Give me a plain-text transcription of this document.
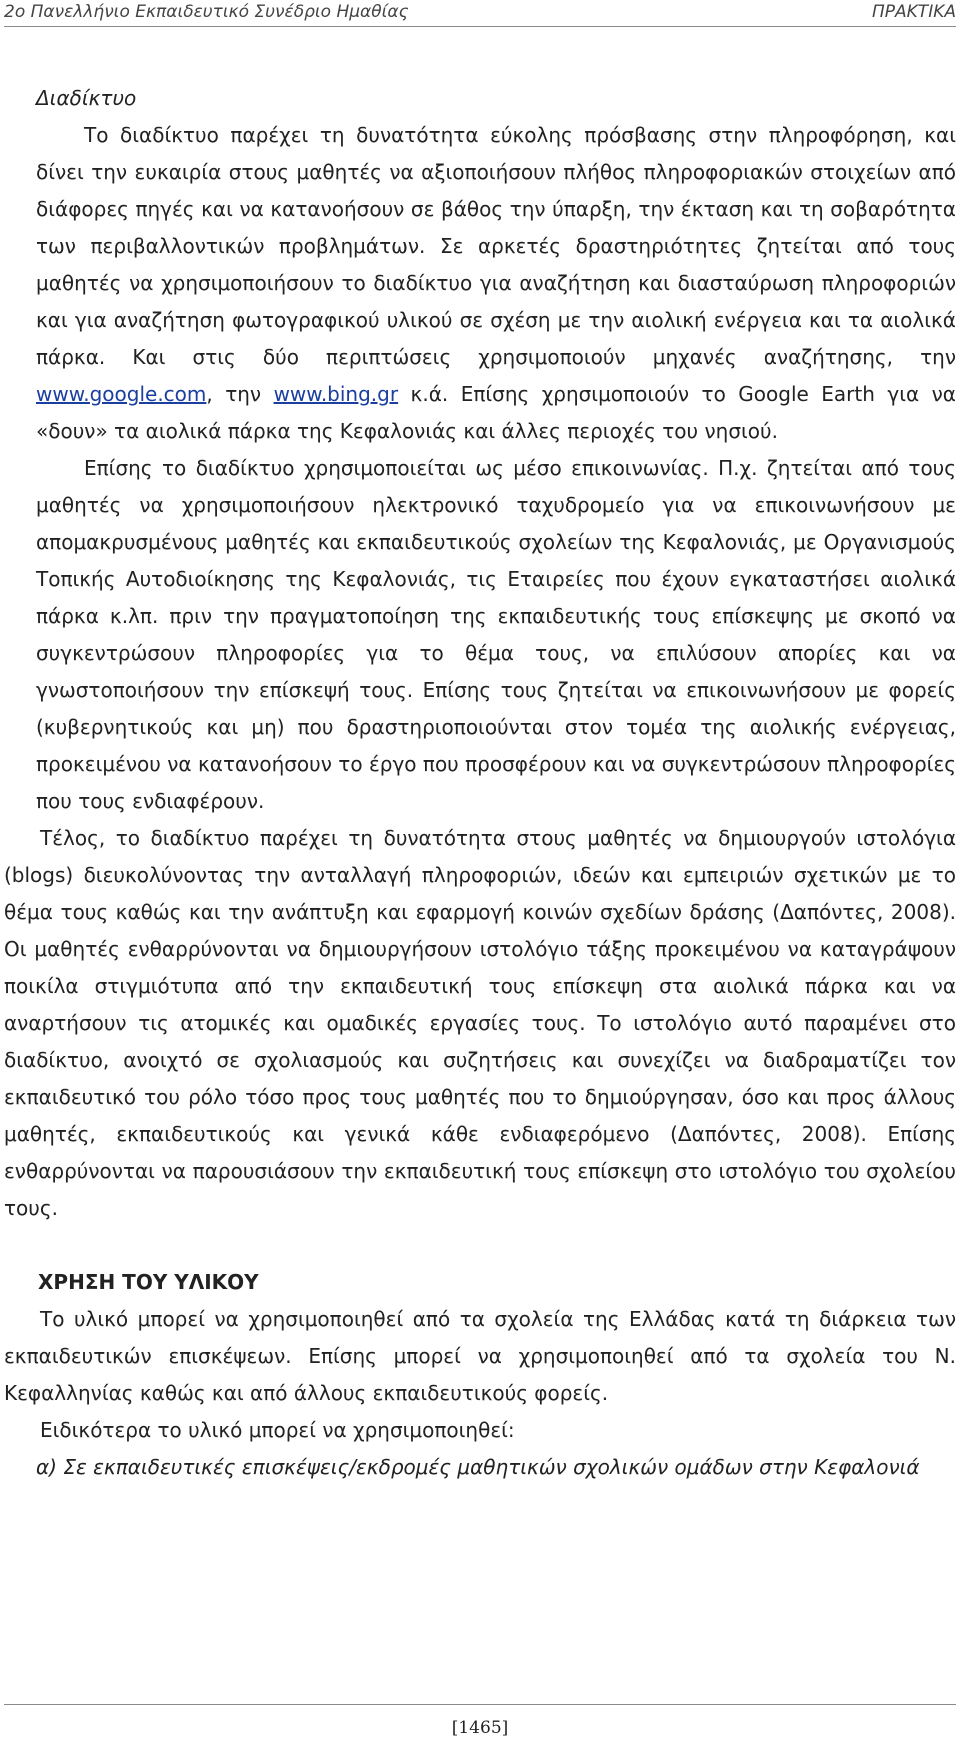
2ο Πανελλήνιο Εκπαιδευτικό Συνέδριο Ημαθίας	ΠΡΑΚΤΙΚΑ

Διαδίκτυο

Το διαδίκτυο παρέχει τη δυνατότητα εύκολης πρόσβασης στην πληροφόρηση, και δίνει την ευκαιρία στους μαθητές να αξιοποιήσουν πλήθος πληροφοριακών στοιχείων από διάφορες πηγές και να κατανοήσουν σε βάθος την ύπαρξη, την έκταση και τη σοβαρότητα των περιβαλλοντικών προβλημάτων. Σε αρκετές δραστηριότητες ζητείται από τους μαθητές να χρησιμοποιήσουν το διαδίκτυο για αναζήτηση και διασταύρωση πληροφοριών και για αναζήτηση φωτογραφικού υλικού σε σχέση με την αιολική ενέργεια και τα αιολικά πάρκα. Και στις δύο περιπτώσεις χρησιμοποιούν μηχανές αναζήτησης, την www.google.com, την www.bing.gr κ.ά. Επίσης χρησιμοποιούν το Google Earth για να «δουν» τα αιολικά πάρκα της Κεφαλονιάς και άλλες περιοχές του νησιού.

Επίσης το διαδίκτυο χρησιμοποιείται ως μέσο επικοινωνίας. Π.χ. ζητείται από τους μαθητές να χρησιμοποιήσουν ηλεκτρονικό ταχυδρομείο για να επικοινωνήσουν με απομακρυσμένους μαθητές και εκπαιδευτικούς σχολείων της Κεφαλονιάς, με Οργανισμούς Τοπικής Αυτοδιοίκησης της Κεφαλονιάς, τις Εταιρείες που έχουν εγκαταστήσει αιολικά πάρκα κ.λπ. πριν την πραγματοποίηση της εκπαιδευτικής τους επίσκεψης με σκοπό να συγκεντρώσουν πληροφορίες για το θέμα τους, να επιλύσουν απορίες και να γνωστοποιήσουν την επίσκεψή τους. Επίσης τους ζητείται να επικοινωνήσουν με φορείς (κυβερνητικούς και μη) που δραστηριοποιούνται στον τομέα της αιολικής ενέργειας, προκειμένου να κατανοήσουν το έργο που προσφέρουν και να συγκεντρώσουν πληροφορίες που τους ενδιαφέρουν.

Τέλος, το διαδίκτυο παρέχει τη δυνατότητα στους μαθητές να δημιουργούν ιστολόγια (blogs) διευκολύνοντας την ανταλλαγή πληροφοριών, ιδεών και εμπειριών σχετικών με το θέμα τους καθώς και την ανάπτυξη και εφαρμογή κοινών σχεδίων δράσης (Δαπόντες, 2008). Οι μαθητές ενθαρρύνονται να δημιουργήσουν ιστολόγιο τάξης προκειμένου να καταγράψουν ποικίλα στιγμιότυπα από την εκπαιδευτική τους επίσκεψη στα αιολικά πάρκα και να αναρτήσουν τις ατομικές και ομαδικές εργασίες τους. Το ιστολόγιο αυτό παραμένει στο διαδίκτυο, ανοιχτό σε σχολιασμούς και συζητήσεις και συνεχίζει να διαδραματίζει τον εκπαιδευτικό του ρόλο τόσο προς τους μαθητές που το δημιούργησαν, όσο και προς άλλους μαθητές, εκπαιδευτικούς και γενικά κάθε ενδιαφερόμενο (Δαπόντες, 2008). Επίσης ενθαρρύνονται να παρουσιάσουν την εκπαιδευτική τους επίσκεψη στο ιστολόγιο του σχολείου τους.

ΧΡΗΣΗ ΤΟΥ ΥΛΙΚΟΥ

Το υλικό μπορεί να χρησιμοποιηθεί από τα σχολεία της Ελλάδας κατά τη διάρκεια των εκπαιδευτικών επισκέψεων. Επίσης μπορεί να χρησιμοποιηθεί από τα σχολεία του Ν. Κεφαλληνίας καθώς και από άλλους εκπαιδευτικούς φορείς.

Ειδικότερα το υλικό μπορεί να χρησιμοποιηθεί:

α) Σε εκπαιδευτικές επισκέψεις/εκδρομές μαθητικών σχολικών ομάδων στην Κεφαλονιά

[1465]
